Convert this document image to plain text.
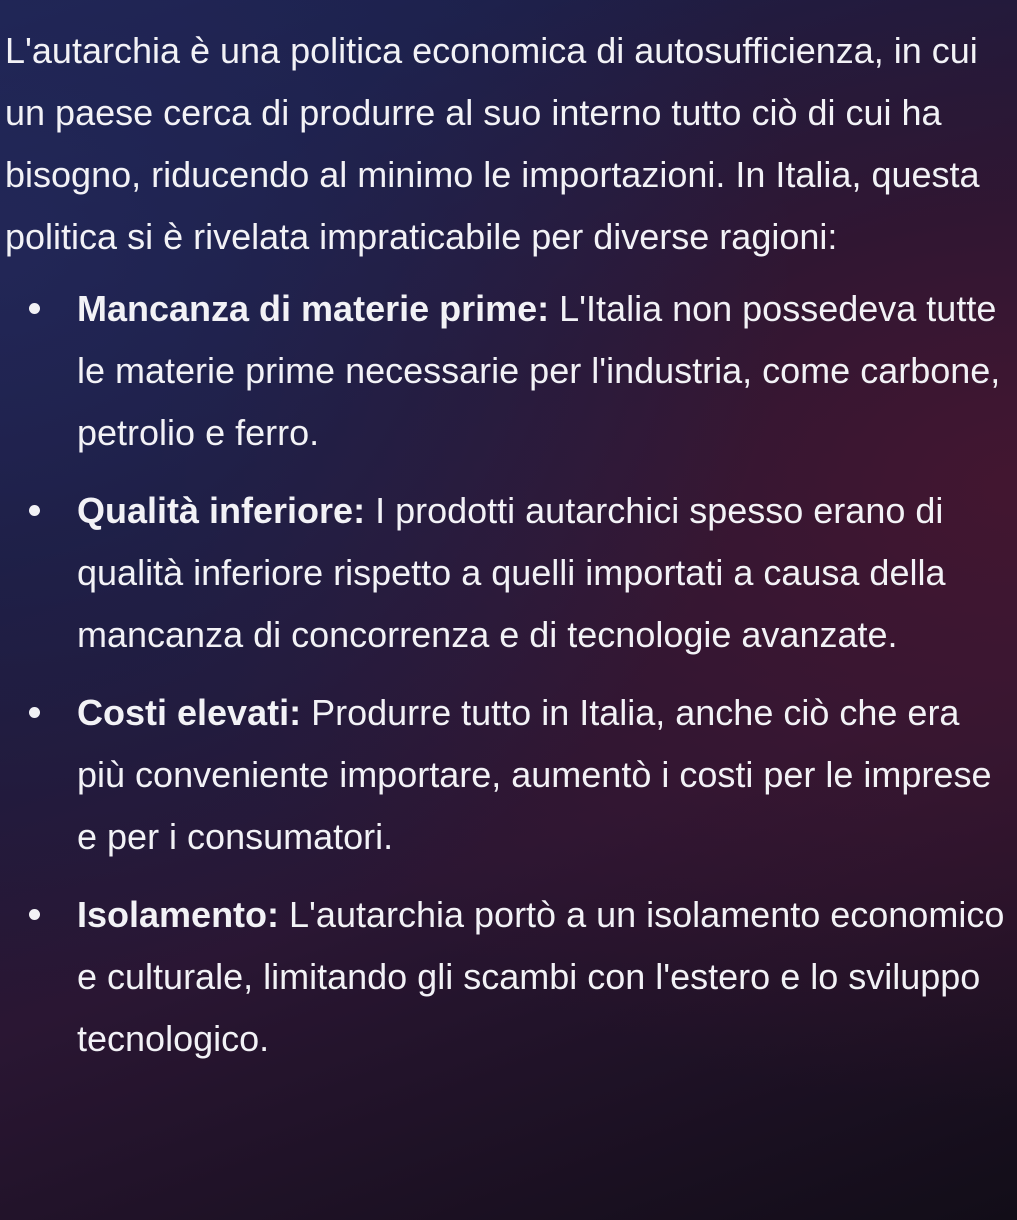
L'autarchia è una politica economica di autosufficienza, in cui un paese cerca di produrre al suo interno tutto ciò di cui ha bisogno, riducendo al minimo le importazioni. In Italia, questa politica si è rivelata impraticabile per diverse ragioni:

Mancanza di materie prime: L'Italia non possedeva tutte le materie prime necessarie per l'industria, come carbone, petrolio e ferro.
Qualità inferiore: I prodotti autarchici spesso erano di qualità inferiore rispetto a quelli importati a causa della mancanza di concorrenza e di tecnologie avanzate.
Costi elevati: Produrre tutto in Italia, anche ciò che era più conveniente importare, aumentò i costi per le imprese e per i consumatori.
Isolamento: L'autarchia portò a un isolamento economico e culturale, limitando gli scambi con l'estero e lo sviluppo tecnologico.
